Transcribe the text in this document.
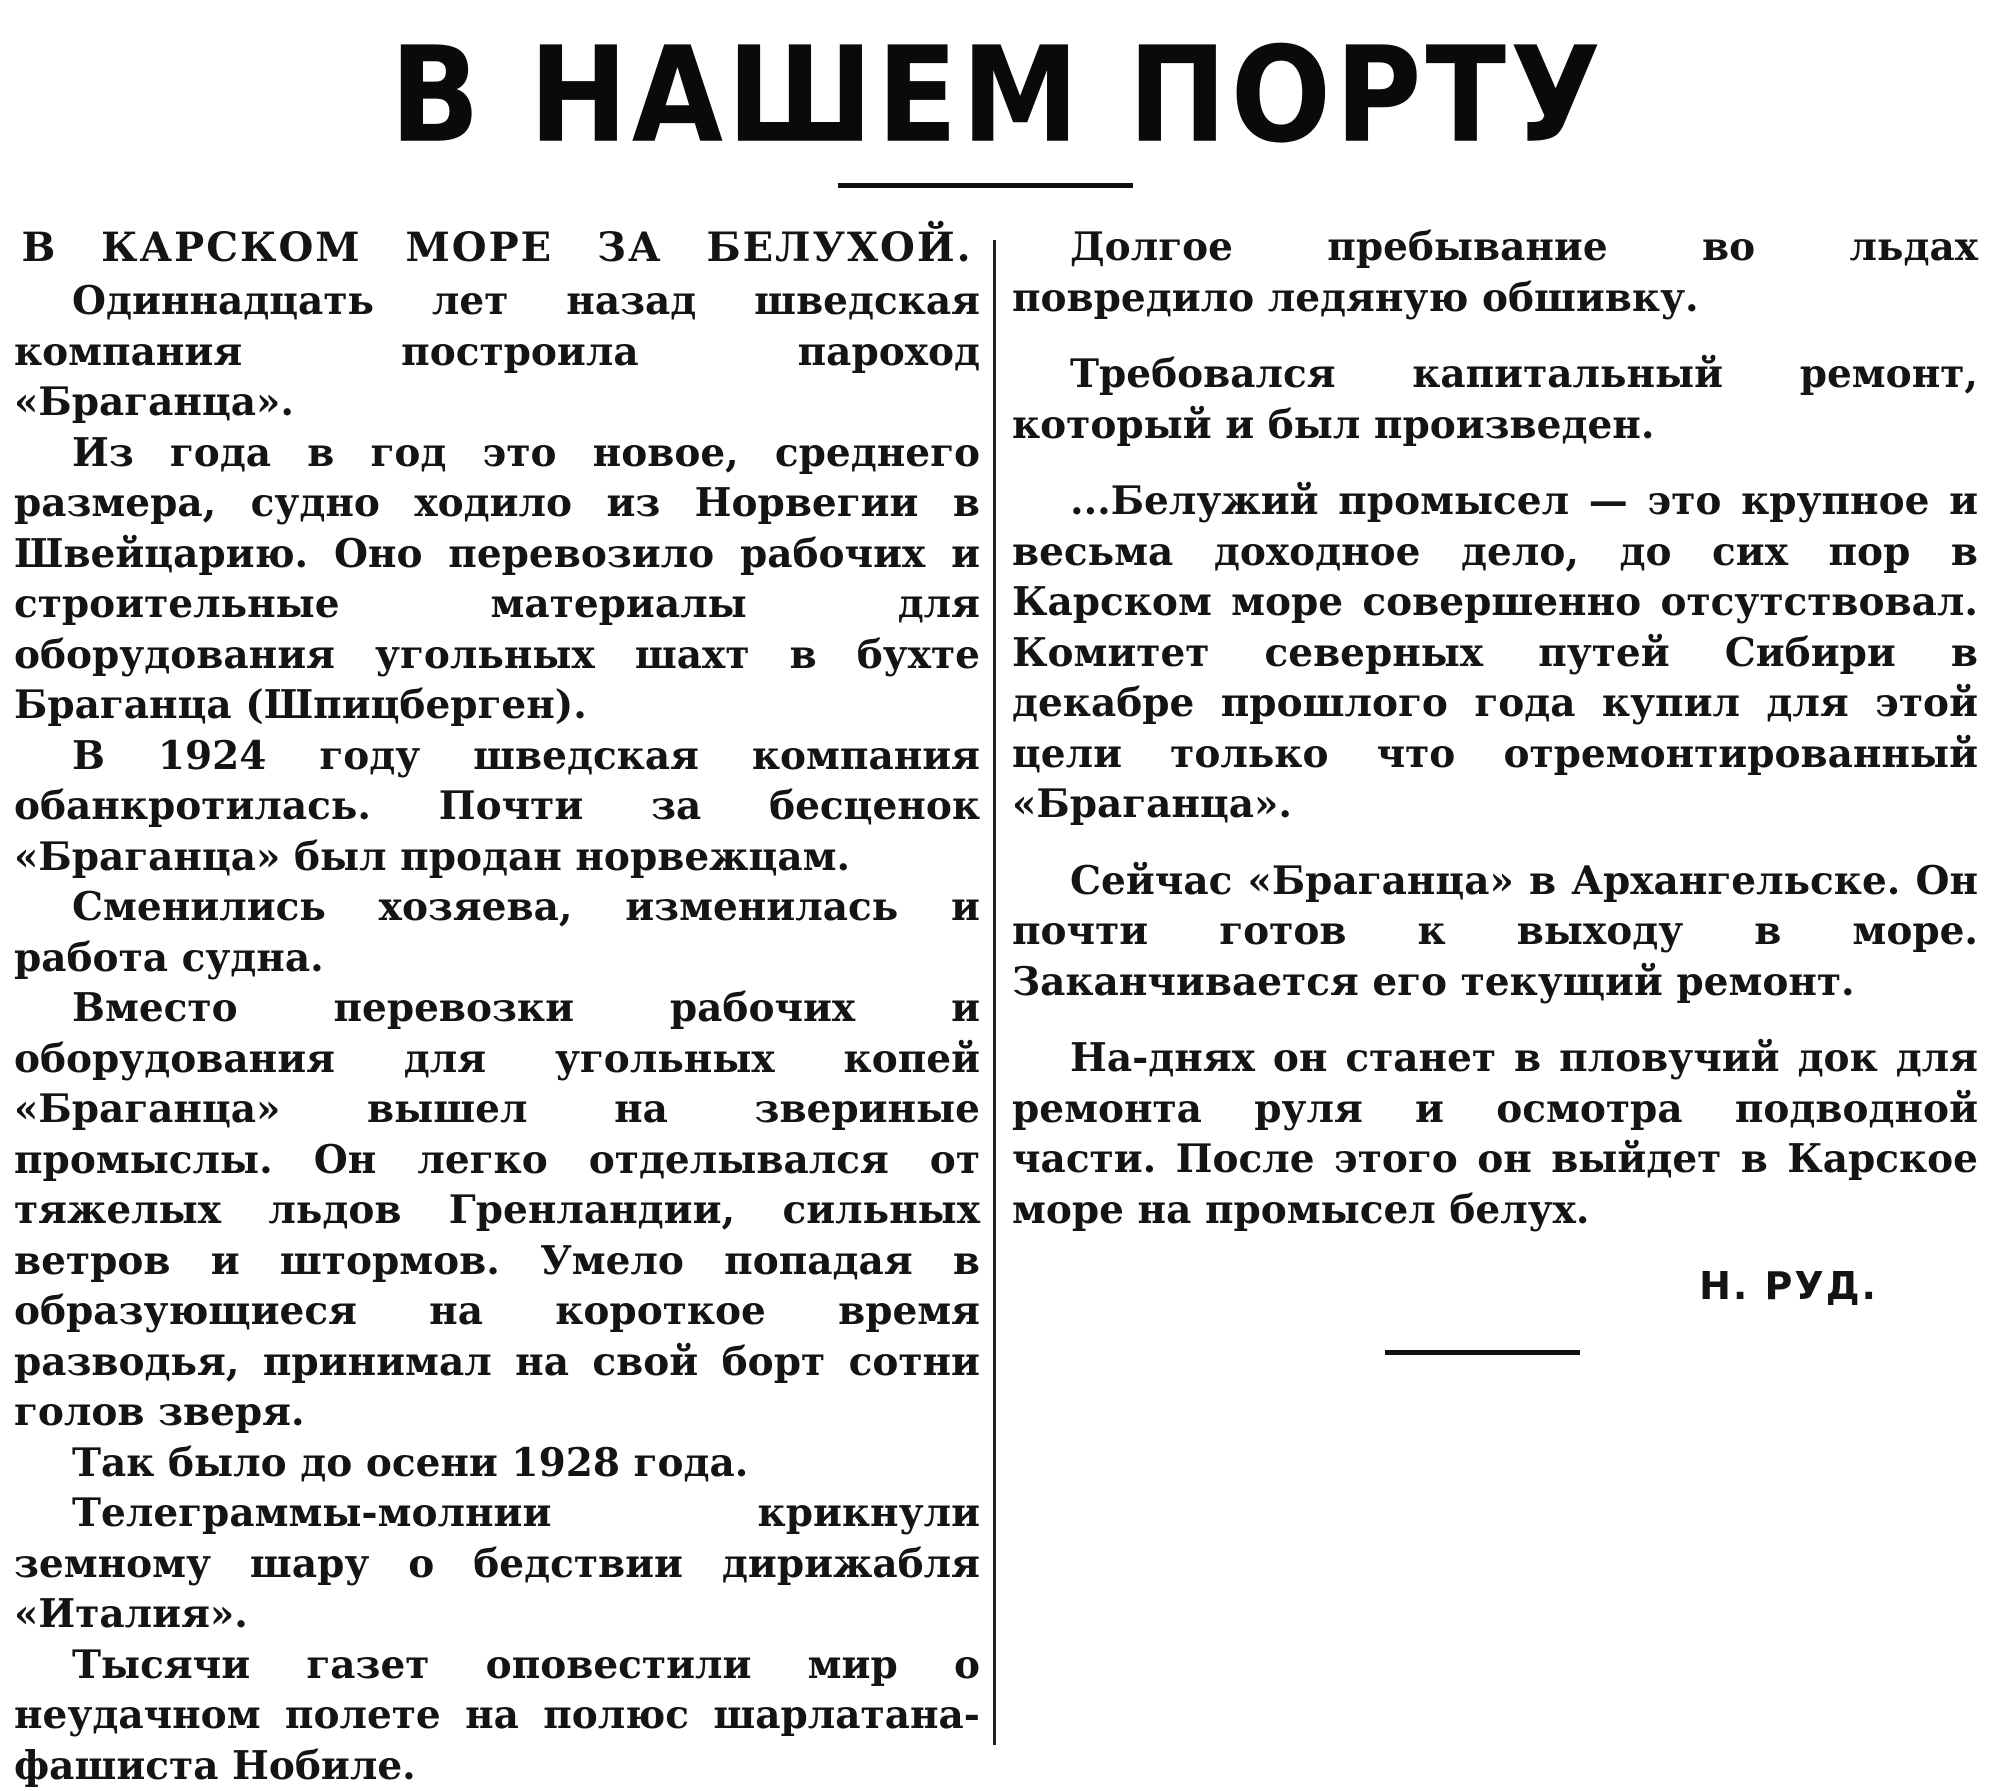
В НАШЕМ ПОРТУ
В КАРСКОМ МОРЕ ЗА БЕЛУХОЙ.

Одиннадцать лет назад шведская компания построила пароход «Браганца».

Из года в год это новое, среднего размера, судно ходило из Норвегии в Швейцарию. Оно перевозило рабочих и строительные материалы для оборудования угольных шахт в бухте Браганца (Шпицберген).

В 1924 году шведская компания обанкротилась. Почти за бесценок «Браганца» был продан норвежцам.

Сменились хозяева, изменилась и работа судна.

Вместо перевозки рабочих и оборудования для угольных копей «Браганца» вышел на звериные промыслы. Он легко отделывался от тяжелых льдов Гренландии, сильных ветров и штормов. Умело попадая в образующиеся на короткое время разводья, принимал на свой борт сотни голов зверя.

Так было до осени 1928 года.

Телеграммы-молнии крикнули земному шару о бедствии дирижабля «Италия».

Тысячи газет оповестили мир о неудачном полете на полюс шарлатана-фашиста Нобиле.

Долгое пребывание во льдах повредило ледяную обшивку.

Требовался капитальный ремонт, который и был произведен.

...Белужий промысел — это крупное и весьма доходное дело, до сих пор в Карском море совершенно отсутствовал. Комитет северных путей Сибири в декабре прошлого года купил для этой цели только что отремонтированный «Браганца».

Сейчас «Браганца» в Архангельске. Он почти готов к выходу в море. Заканчивается его текущий ремонт.

На-днях он станет в пловучий док для ремонта руля и осмотра подводной части. После этого он выйдет в Карское море на промысел белух.

Н. РУД.
